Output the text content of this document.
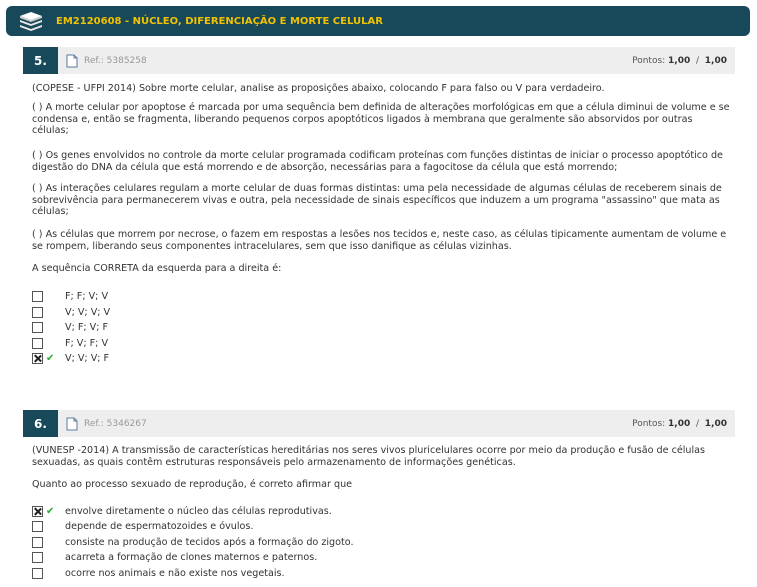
EM2120608 - NÚCLEO, DIFERENCIAÇÃO E MORTE CELULAR
5.	Ref.: 5385258	Pontos: 1,00 / 1,00
(COPESE - UFPI 2014) Sobre morte celular, analise as proposições abaixo, colocando F para falso ou V para verdadeiro.
( ) A morte celular por apoptose é marcada por uma sequência bem definida de alterações morfológicas em que a célula diminui de volume e se condensa e, então se fragmenta, liberando pequenos corpos apoptóticos ligados à membrana que geralmente são absorvidos por outras células;
( ) Os genes envolvidos no controle da morte celular programada codificam proteínas com funções distintas de iniciar o processo apoptótico de digestão do DNA da célula que está morrendo e de absorção, necessárias para a fagocitose da célula que está morrendo;
( ) As interações celulares regulam a morte celular de duas formas distintas: uma pela necessidade de algumas células de receberem sinais de sobrevivência para permanecerem vivas e outra, pela necessidade de sinais específicos que induzem a um programa "assassino" que mata as células;
( ) As células que morrem por necrose, o fazem em respostas a lesões nos tecidos e, neste caso, as células tipicamente aumentam de volume e se rompem, liberando seus componentes intracelulares, sem que isso danifique as células vizinhas.
A sequência CORRETA da esquerda para a direita é:
F; F; V; V
V; V; V; V
V; F; V; F
F; V; F; V
✔ V; V; V; F
6.	Ref.: 5346267	Pontos: 1,00 / 1,00
(VUNESP -2014) A transmissão de características hereditárias nos seres vivos pluricelulares ocorre por meio da produção e fusão de células sexuadas, as quais contêm estruturas responsáveis pelo armazenamento de informações genéticas.
Quanto ao processo sexuado de reprodução, é correto afirmar que
✔ envolve diretamente o núcleo das células reprodutivas.
depende de espermatozoides e óvulos.
consiste na produção de tecidos após a formação do zigoto.
acarreta a formação de clones maternos e paternos.
ocorre nos animais e não existe nos vegetais.
